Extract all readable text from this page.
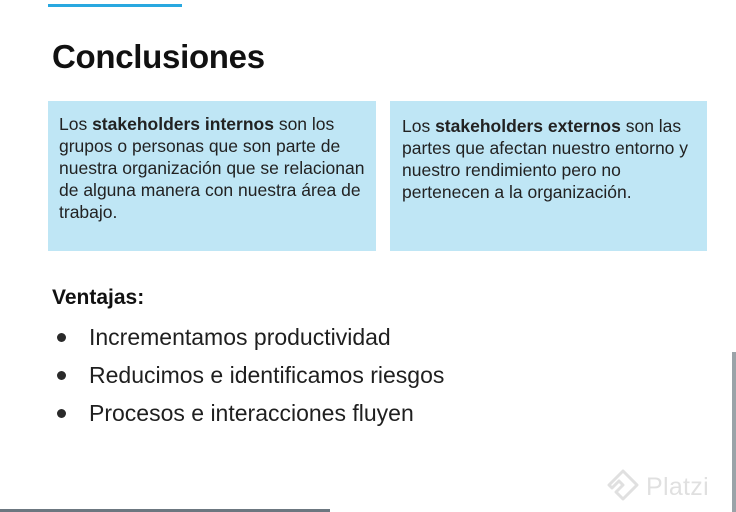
Conclusiones
Los stakeholders internos son los grupos o personas que son parte de nuestra organización que se relacionan de alguna manera con nuestra área de trabajo.
Los stakeholders externos son las partes que afectan nuestro entorno y nuestro rendimiento pero no pertenecen a la organización.
Ventajas:
Incrementamos productividad
Reducimos e identificamos riesgos
Procesos e interacciones fluyen
Platzi
